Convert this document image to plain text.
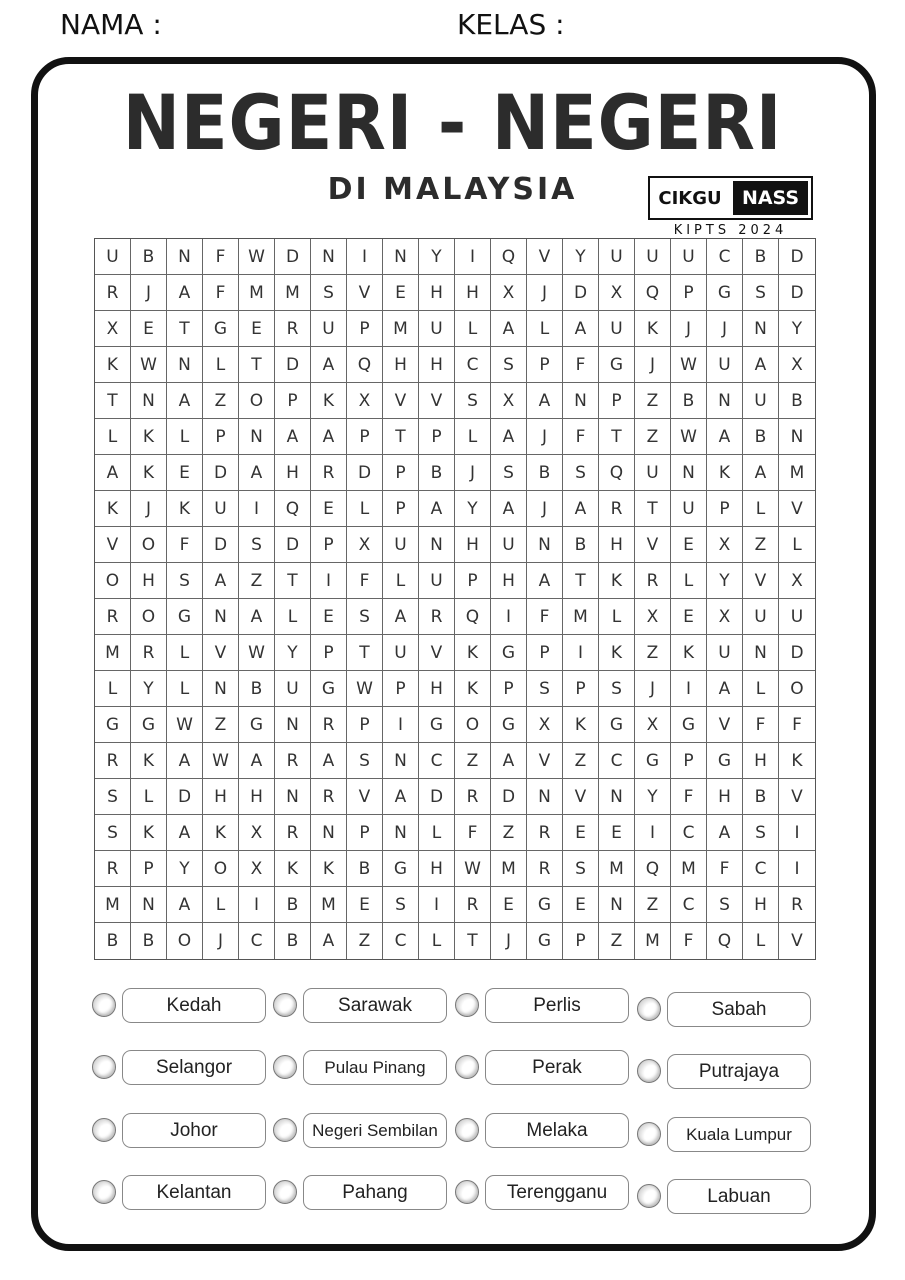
NAMA :	KELAS :
NEGERI - NEGERI
DI MALAYSIA	CIKGU	NASS
KIPTS 2024
U	B	N	F	W	D	N	I	N	Y	I	Q	V	Y	U	U	U	C	B	D
R	J	A	F	M	M	S	V	E	H	H	X	J	D	X	Q	P	G	S	D
X	E	T	G	E	R	U	P	M	U	L	A	L	A	U	K	J	J	N	Y
K	W	N	L	T	D	A	Q	H	H	C	S	P	F	G	J	W	U	A	X
T	N	A	Z	O	P	K	X	V	V	S	X	A	N	P	Z	B	N	U	B
L	K	L	P	N	A	A	P	T	P	L	A	J	F	T	Z	W	A	B	N
A	K	E	D	A	H	R	D	P	B	J	S	B	S	Q	U	N	K	A	M
K	J	K	U	I	Q	E	L	P	A	Y	A	J	A	R	T	U	P	L	V
V	O	F	D	S	D	P	X	U	N	H	U	N	B	H	V	E	X	Z	L
O	H	S	A	Z	T	I	F	L	U	P	H	A	T	K	R	L	Y	V	X
R	O	G	N	A	L	E	S	A	R	Q	I	F	M	L	X	E	X	U	U
M	R	L	V	W	Y	P	T	U	V	K	G	P	I	K	Z	K	U	N	D
L	Y	L	N	B	U	G	W	P	H	K	P	S	P	S	J	I	A	L	O
G	G	W	Z	G	N	R	P	I	G	O	G	X	K	G	X	G	V	F	F
R	K	A	W	A	R	A	S	N	C	Z	A	V	Z	C	G	P	G	H	K
S	L	D	H	H	N	R	V	A	D	R	D	N	V	N	Y	F	H	B	V
S	K	A	K	X	R	N	P	N	L	F	Z	R	E	E	I	C	A	S	I
R	P	Y	O	X	K	K	B	G	H	W	M	R	S	M	Q	M	F	C	I
M	N	A	L	I	B	M	E	S	I	R	E	G	E	N	Z	C	S	H	R
B	B	O	J	C	B	A	Z	C	L	T	J	G	P	Z	M	F	Q	L	V
Kedah	Sarawak	Perlis	Sabah
Selangor	Pulau Pinang	Perak	Putrajaya
Johor	Negeri Sembilan	Melaka	Kuala Lumpur
Kelantan	Pahang	Terengganu	Labuan
